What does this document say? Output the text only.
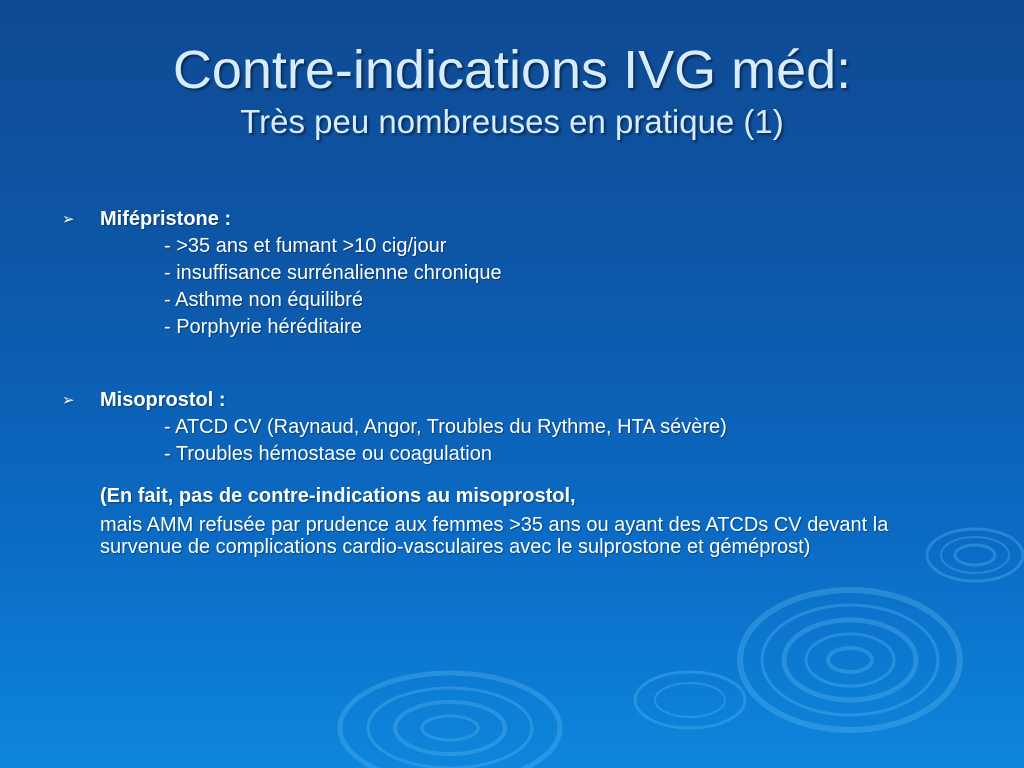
Contre-indications IVG méd:
Très peu nombreuses en pratique (1)
➢	Mifépristone :
- >35 ans et fumant >10 cig/jour
- insuffisance surrénalienne chronique
- Asthme non équilibré
- Porphyrie héréditaire
➢	Misoprostol :
- ATCD CV (Raynaud, Angor, Troubles du Rythme, HTA sévère)
- Troubles hémostase ou coagulation
(En fait, pas de contre-indications au misoprostol,
mais AMM refusée par prudence aux femmes >35 ans ou ayant des ATCDs CV devant la survenue de complications cardio-vasculaires avec le sulprostone et géméprost)
